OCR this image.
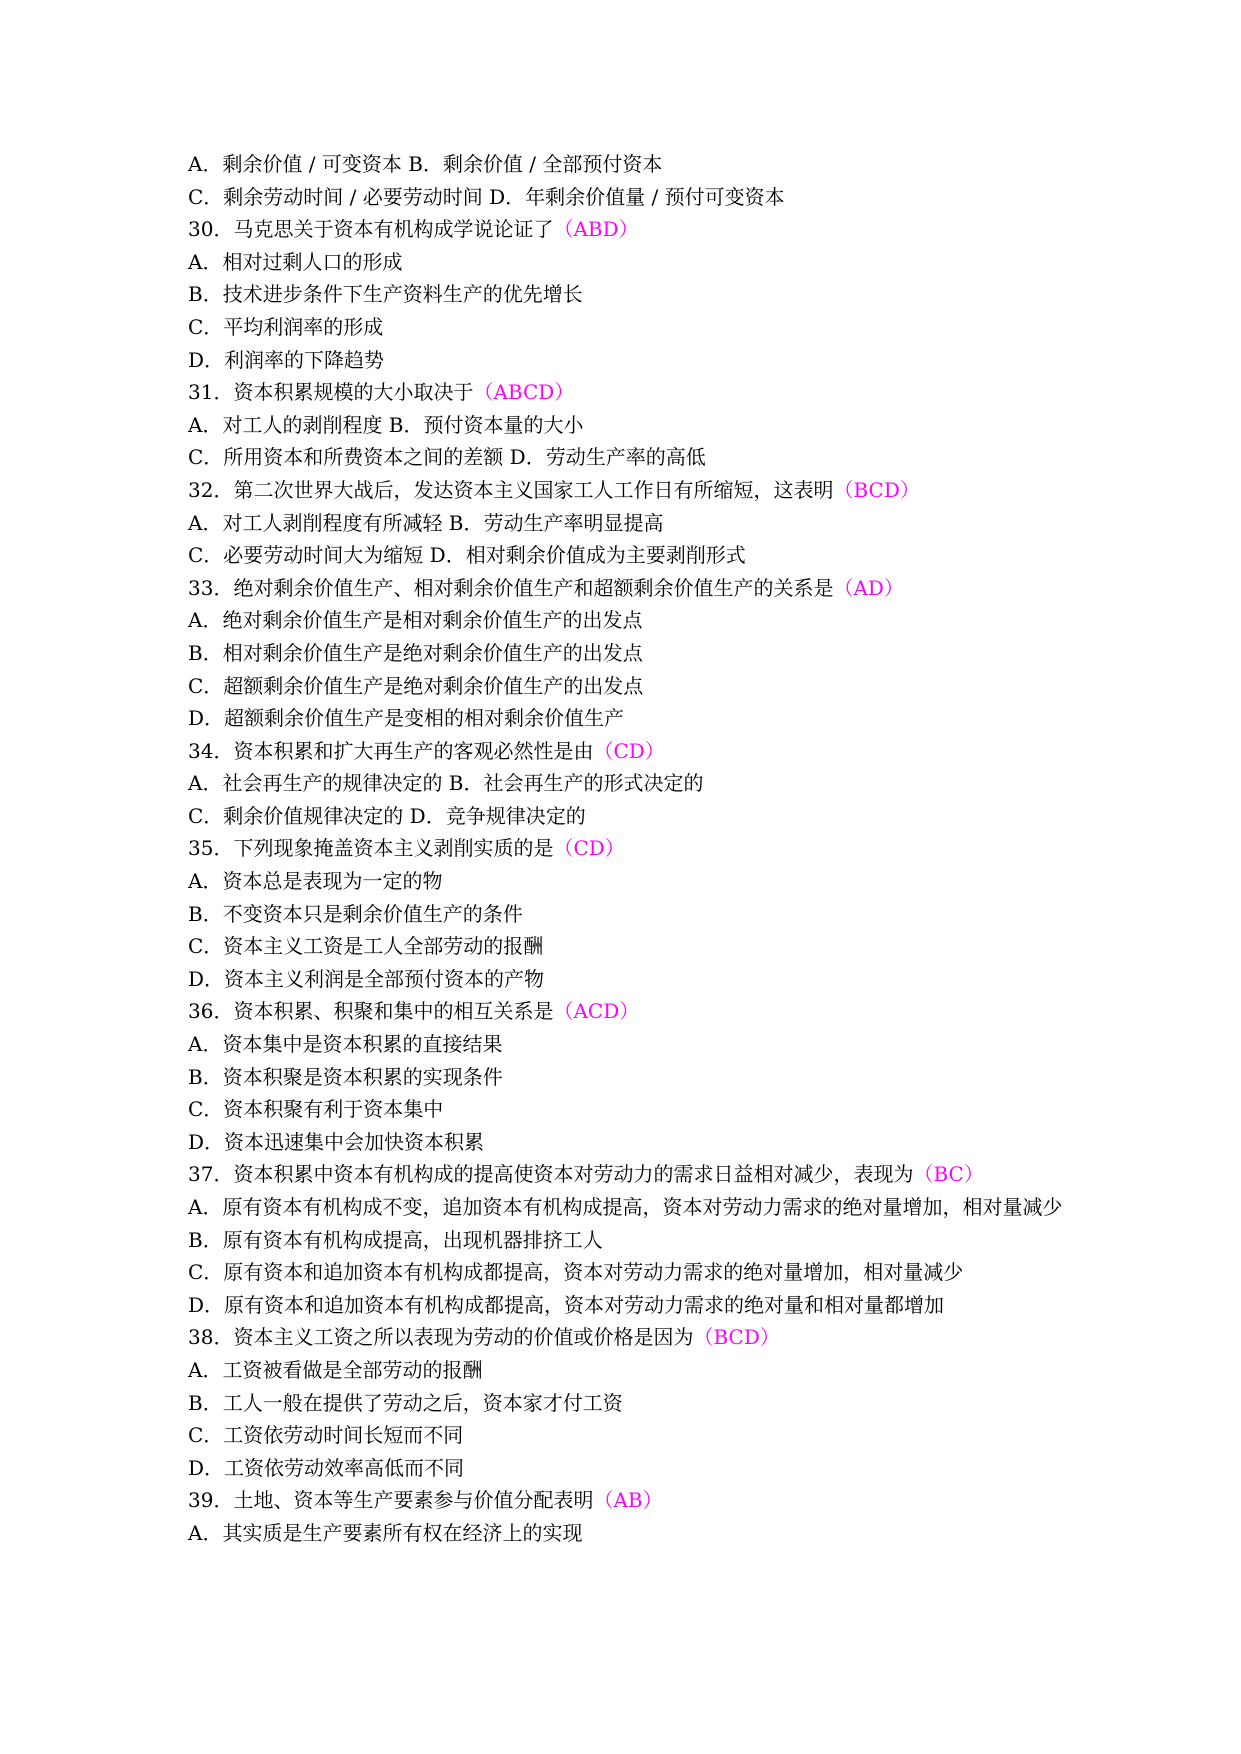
A．剩余价值 / 可变资本 B．剩余价值 / 全部预付资本

C．剩余劳动时间 / 必要劳动时间 D．年剩余价值量 / 预付可变资本

30．马克思关于资本有机构成学说论证了（ABD）

A．相对过剩人口的形成

B．技术进步条件下生产资料生产的优先增长

C．平均利润率的形成

D．利润率的下降趋势

31．资本积累规模的大小取决于（ABCD）

A．对工人的剥削程度 B．预付资本量的大小

C．所用资本和所费资本之间的差额 D．劳动生产率的高低

32．第二次世界大战后，发达资本主义国家工人工作日有所缩短，这表明（BCD）

A．对工人剥削程度有所减轻 B．劳动生产率明显提高

C．必要劳动时间大为缩短 D．相对剩余价值成为主要剥削形式

33．绝对剩余价值生产、相对剩余价值生产和超额剩余价值生产的关系是（AD）

A．绝对剩余价值生产是相对剩余价值生产的出发点

B．相对剩余价值生产是绝对剩余价值生产的出发点

C．超额剩余价值生产是绝对剩余价值生产的出发点

D．超额剩余价值生产是变相的相对剩余价值生产

34．资本积累和扩大再生产的客观必然性是由（CD）

A．社会再生产的规律决定的 B．社会再生产的形式决定的

C．剩余价值规律决定的 D．竞争规律决定的

35．下列现象掩盖资本主义剥削实质的是（CD）

A．资本总是表现为一定的物

B．不变资本只是剩余价值生产的条件

C．资本主义工资是工人全部劳动的报酬

D．资本主义利润是全部预付资本的产物

36．资本积累、积聚和集中的相互关系是（ACD）

A．资本集中是资本积累的直接结果

B．资本积聚是资本积累的实现条件

C．资本积聚有利于资本集中

D．资本迅速集中会加快资本积累

37．资本积累中资本有机构成的提高使资本对劳动力的需求日益相对减少，表现为（BC）

A．原有资本有机构成不变，追加资本有机构成提高，资本对劳动力需求的绝对量增加，相对量减少

B．原有资本有机构成提高，出现机器排挤工人

C．原有资本和追加资本有机构成都提高，资本对劳动力需求的绝对量增加，相对量减少

D．原有资本和追加资本有机构成都提高，资本对劳动力需求的绝对量和相对量都增加

38．资本主义工资之所以表现为劳动的价值或价格是因为（BCD）

A．工资被看做是全部劳动的报酬

B．工人一般在提供了劳动之后，资本家才付工资

C．工资依劳动时间长短而不同

D．工资依劳动效率高低而不同

39．土地、资本等生产要素参与价值分配表明（AB）

A．其实质是生产要素所有权在经济上的实现
